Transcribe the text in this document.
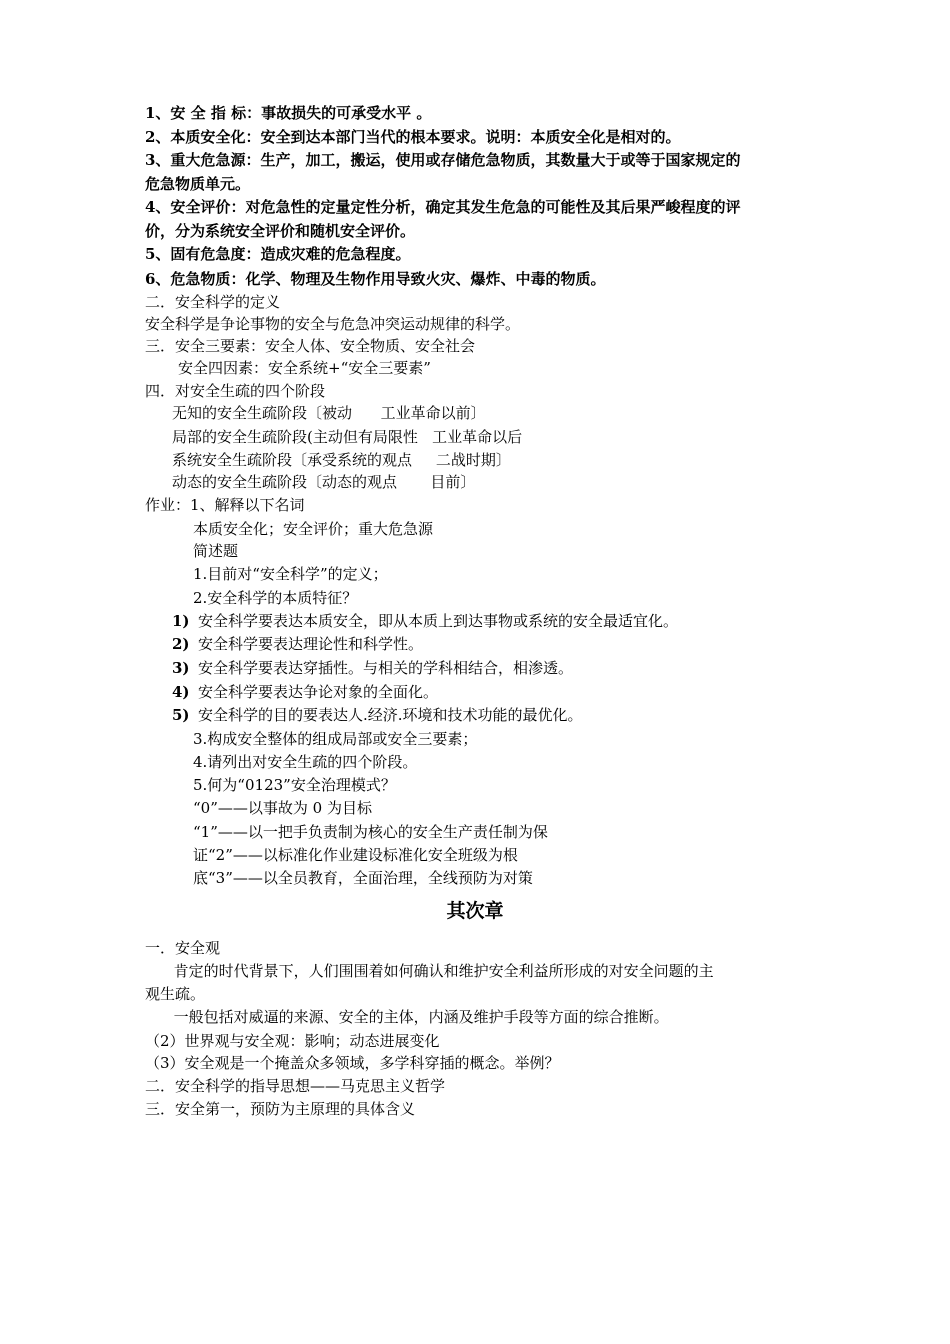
1、安 全 指 标：事故损失的可承受水平 。
2、本质安全化：安全到达本部门当代的根本要求。说明：本质安全化是相对的。
3、重大危急源：生产，加工，搬运，使用或存储危急物质，其数量大于或等于国家规定的
危急物质单元。
4、安全评价：对危急性的定量定性分析，确定其发生危急的可能性及其后果严峻程度的评
价，分为系统安全评价和随机安全评价。
5、固有危急度：造成灾难的危急程度。
6、危急物质：化学、物理及生物作用导致火灾、爆炸、中毒的物质。
二．安全科学的定义
安全科学是争论事物的安全与危急冲突运动规律的科学。
三．安全三要素：安全人体、安全物质、安全社会
安全四因素：安全系统+“安全三要素”
四．对安全生疏的四个阶段
无知的安全生疏阶段〔被动      工业革命以前〕
局部的安全生疏阶段(主动但有局限性   工业革命以后
系统安全生疏阶段〔承受系统的观点     二战时期〕
动态的安全生疏阶段〔动态的观点       目前〕
作业：1、解释以下名词
本质安全化；安全评价；重大危急源
简述题
1.目前对“安全科学”的定义；
2.安全科学的本质特征？
1) 安全科学要表达本质安全，即从本质上到达事物或系统的安全最适宜化。
2) 安全科学要表达理论性和科学性。
3) 安全科学要表达穿插性。与相关的学科相结合，相渗透。
4) 安全科学要表达争论对象的全面化。
5) 安全科学的目的要表达人.经济.环境和技术功能的最优化。
3.构成安全整体的组成局部或安全三要素；
4.请列出对安全生疏的四个阶段。
5.何为“0123”安全治理模式？
“0”——以事故为 0 为目标
“1”——以一把手负责制为核心的安全生产责任制为保
证“2”——以标准化作业建设标准化安全班级为根
底“3”——以全员教育，全面治理，全线预防为对策
其次章
一．安全观
肯定的时代背景下，人们围围着如何确认和维护安全利益所形成的对安全问题的主
观生疏。
一般包括对威逼的来源、安全的主体，内涵及维护手段等方面的综合推断。
（2）世界观与安全观：影响；动态进展变化
（3）安全观是一个掩盖众多领域，多学科穿插的概念。举例？
二．安全科学的指导思想——马克思主义哲学
三．安全第一，预防为主原理的具体含义
